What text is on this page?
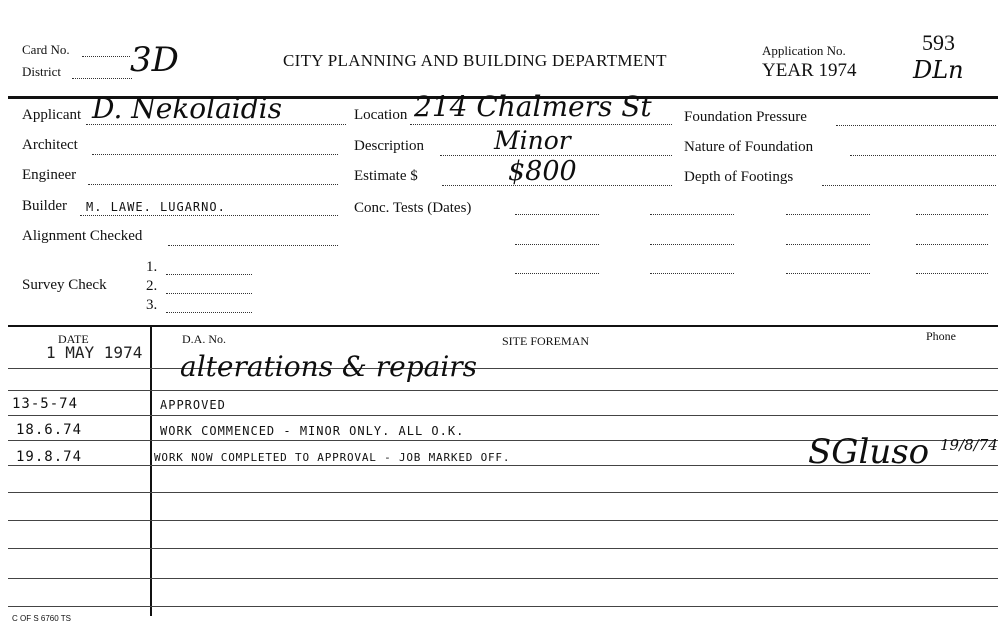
Card No.
District 3D	CITY PLANNING AND BUILDING DEPARTMENT
Application No.
YEAR 1974
593
DLn
Applicant D. Nekolaidis
Architect
Engineer
Builder M. LAWE. LUGARNO.
Alignment Checked
1.
Survey Check	2.
3.
Location 214 Chalmers St
Description	Minor
Estimate $	$800
Conc. Tests (Dates)
Foundation Pressure
Nature of Foundation
Depth of Footings
DATE	D.A. No.	SITE FOREMAN	Phone
1 MAY 1974 alterations & repairs
13-5-74	APPROVED
18.6.74	WORK COMMENCED - MINOR ONLY. ALL O.K.
19.8.74	WORK NOW COMPLETED TO APPROVAL - JOB MARKED OFF.	SGluso 19/8/74
C OF S 6760 TS
